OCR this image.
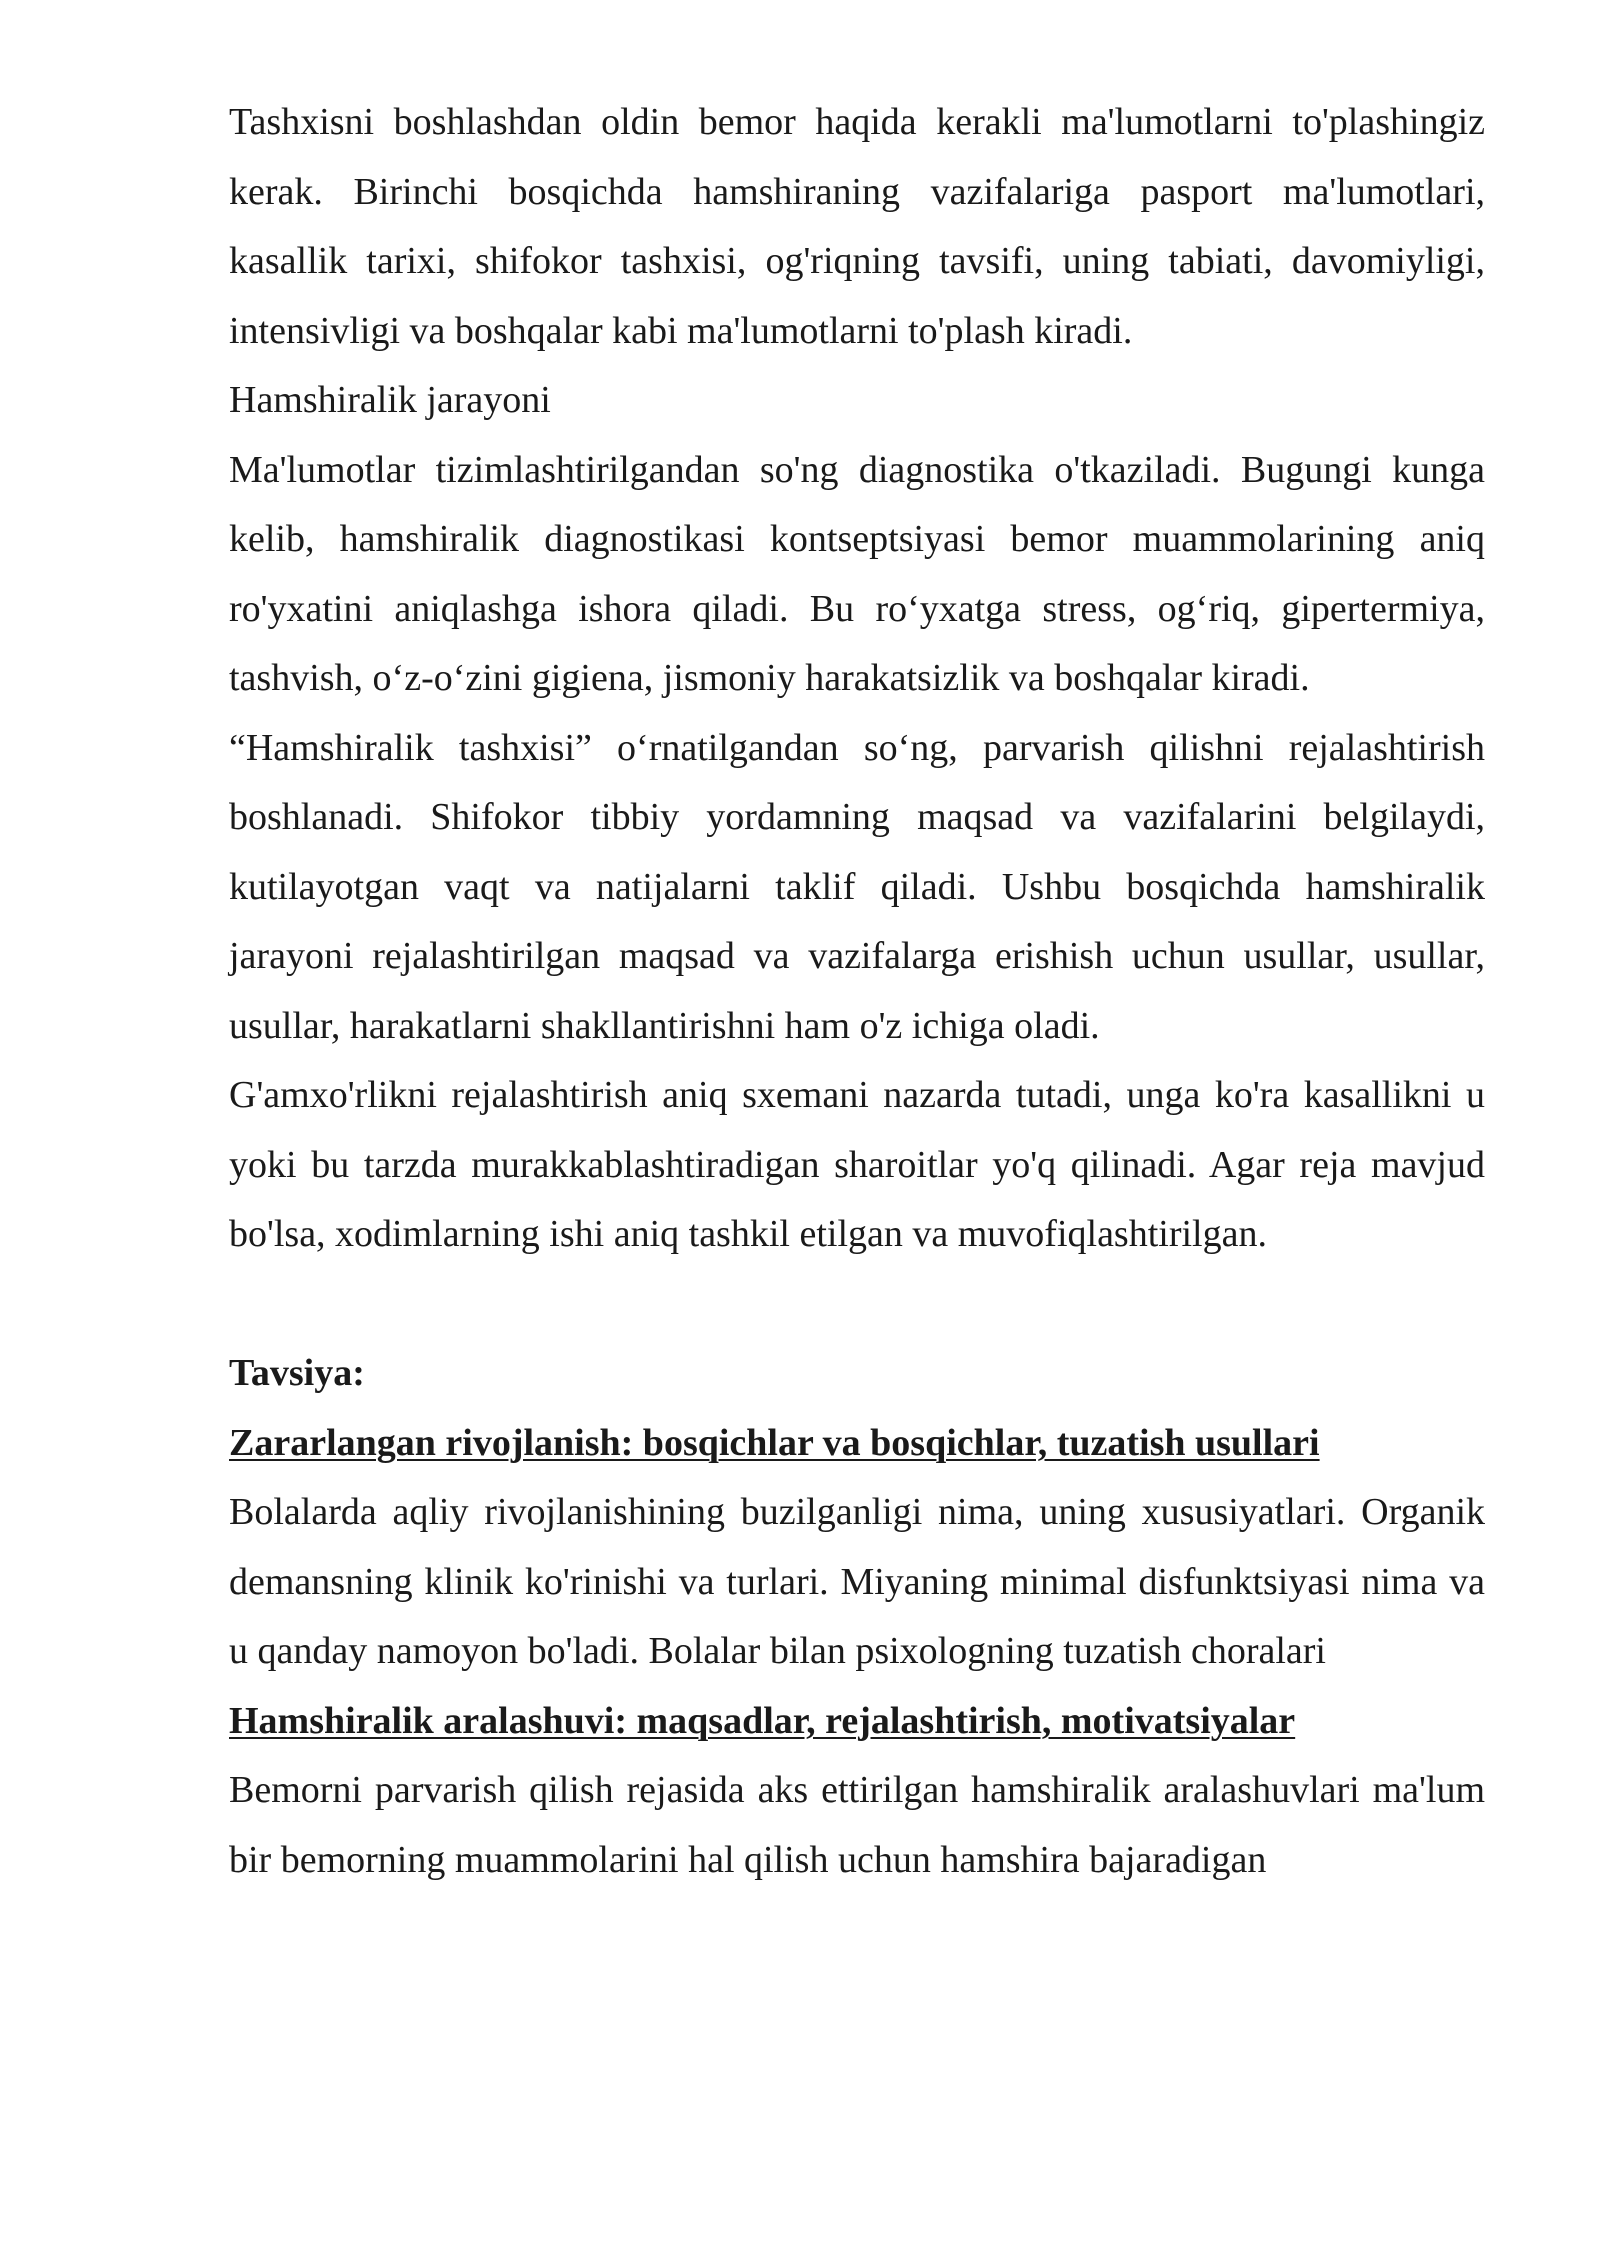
Tashxisni boshlashdan oldin bemor haqida kerakli ma'lumotlarni to'plashingiz kerak. Birinchi bosqichda hamshiraning vazifalariga pasport ma'lumotlari, kasallik tarixi, shifokor tashxisi, og'riqning tavsifi, uning tabiati, davomiyligi, intensivligi va boshqalar kabi ma'lumotlarni to'plash kiradi.

Hamshiralik jarayoni

Ma'lumotlar tizimlashtirilgandan so'ng diagnostika o'tkaziladi. Bugungi kunga kelib, hamshiralik diagnostikasi kontseptsiyasi bemor muammolarining aniq ro'yxatini aniqlashga ishora qiladi. Bu ro‘yxatga stress, og‘riq, gipertermiya, tashvish, o‘z-o‘zini gigiena, jismoniy harakatsizlik va boshqalar kiradi.

“Hamshiralik tashxisi” o‘rnatilgandan so‘ng, parvarish qilishni rejalashtirish boshlanadi. Shifokor tibbiy yordamning maqsad va vazifalarini belgilaydi, kutilayotgan vaqt va natijalarni taklif qiladi. Ushbu bosqichda hamshiralik jarayoni rejalashtirilgan maqsad va vazifalarga erishish uchun usullar, usullar, usullar, harakatlarni shakllantirishni ham o'z ichiga oladi.

G'amxo'rlikni rejalashtirish aniq sxemani nazarda tutadi, unga ko'ra kasallikni u yoki bu tarzda murakkablashtiradigan sharoitlar yo'q qilinadi. Agar reja mavjud bo'lsa, xodimlarning ishi aniq tashkil etilgan va muvofiqlashtirilgan.

Tavsiya:

Zararlangan rivojlanish: bosqichlar va bosqichlar, tuzatish usullari

Bolalarda aqliy rivojlanishining buzilganligi nima, uning xususiyatlari. Organik demansning klinik ko'rinishi va turlari. Miyaning minimal disfunktsiyasi nima va u qanday namoyon bo'ladi. Bolalar bilan psixologning tuzatish choralari

Hamshiralik aralashuvi: maqsadlar, rejalashtirish, motivatsiyalar

Bemorni parvarish qilish rejasida aks ettirilgan hamshiralik aralashuvlari ma'lum bir bemorning muammolarini hal qilish uchun hamshira bajaradigan
